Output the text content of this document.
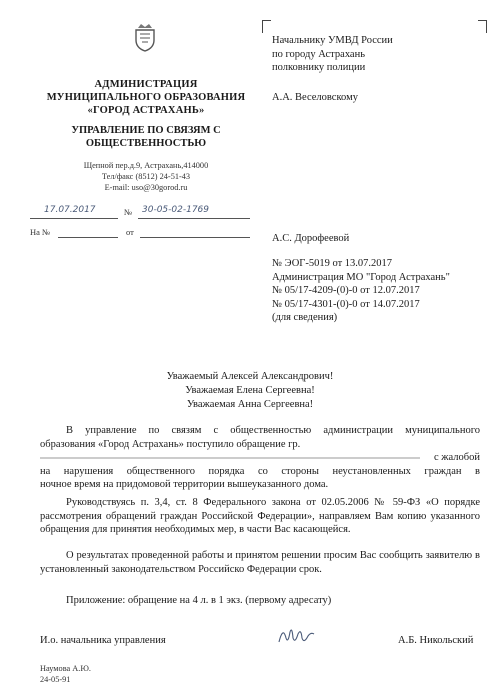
АДМИНИСТРАЦИЯ
МУНИЦИПАЛЬНОГО ОБРАЗОВАНИЯ
«ГОРОД АСТРАХАНЬ»
УПРАВЛЕНИЕ ПО СВЯЗЯМ С
ОБЩЕСТВЕННОСТЬЮ
Щепной пер.д.9, Астрахань,414000
Тел/факс (8512) 24-51-43
E-mail: uso@30gorod.ru
17.07.2017	№ 30-05-02-1769
На №	от
Начальнику УМВД России
по городу Астрахань
полковнику полиции
А.А. Веселовскому
А.С. Дорофеевой
№ ЭОГ-5019 от 13.07.2017
Администрация МО "Город Астрахань"
№ 05/17-4209-(0)-0 от 12.07.2017
№ 05/17-4301-(0)-0 от 14.07.2017
(для сведения)
Уважаемый Алексей Александрович!
Уважаемая Елена Сергеевна!
Уважаемая Анна Сергеевна!
В управление по связям с общественностью администрации муниципального
образования «Город Астрахань» поступило обращение гр.
с жалобой
на нарушения общественного порядка со стороны неустановленных граждан в
ночное время на придомовой территории вышеуказанного дома.
Руководствуясь п. 3,4, ст. 8 Федерального закона от 02.05.2006 № 59-ФЗ «О порядке рассмотрения обращений граждан Российской Федерации», направляем Вам копию указанного обращения для принятия необходимых мер, в части Вас касающейся.
О результатах проведенной работы и принятом решении просим Вас сообщить заявителю в установленный законодательством Российско Федерации срок.
Приложение: обращение на 4 л. в 1 экз. (первому адресату)
И.о. начальника управления	А.Б. Никольский
Наумова А.Ю.
24-05-91
